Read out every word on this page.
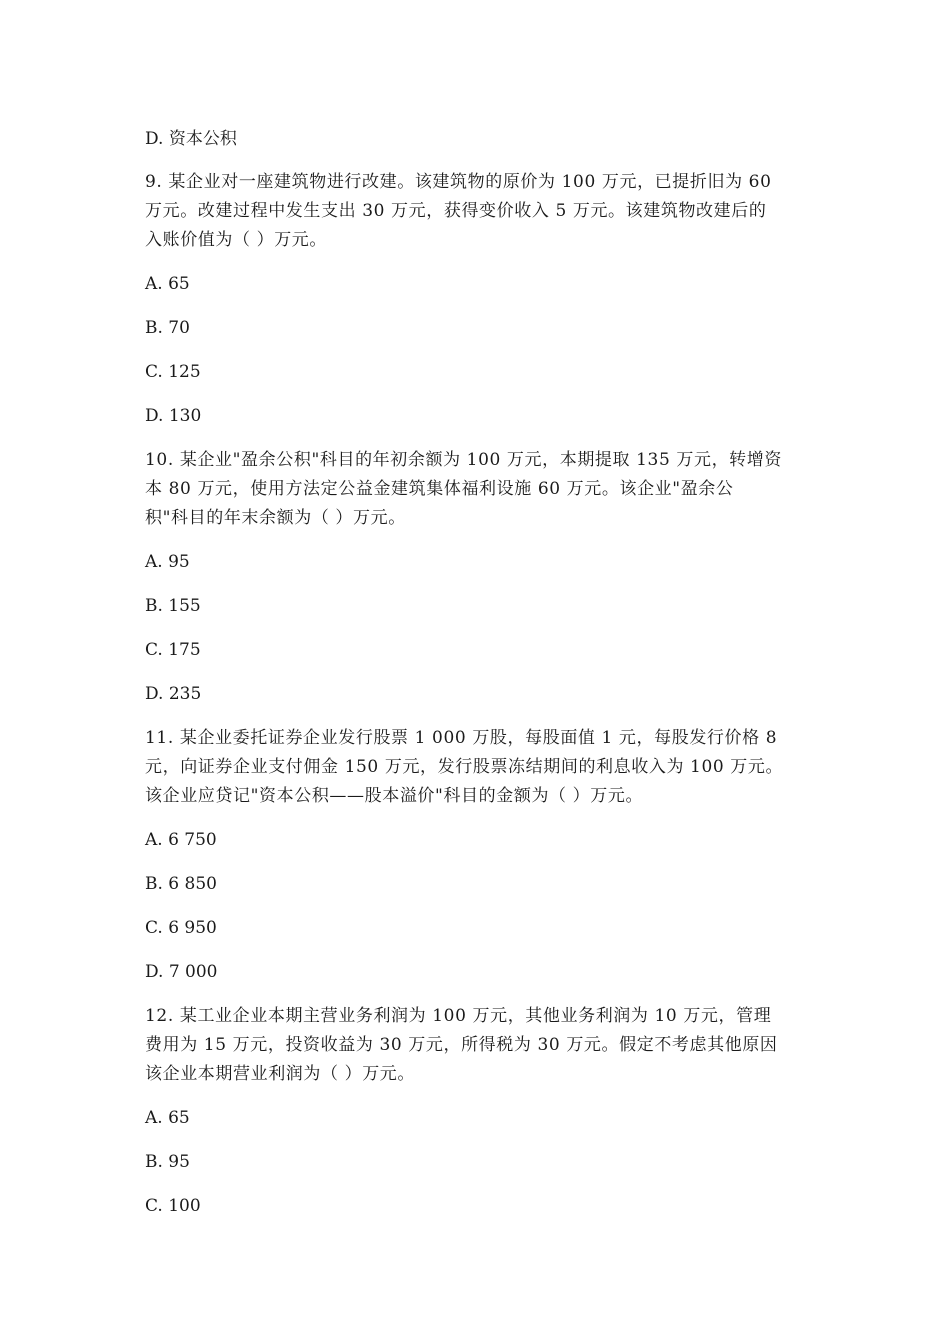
D. 资本公积
9. 某企业对一座建筑物进行改建。该建筑物的原价为 100 万元，已提折旧为 60
万元。改建过程中发生支出 30 万元，获得变价收入 5 万元。该建筑物改建后的
入账价值为（ ）万元。
A. 65
B. 70
C. 125
D. 130
10. 某企业"盈余公积"科目的年初余额为 100 万元，本期提取 135 万元，转增资
本 80 万元，使用方法定公益金建筑集体福利设施 60 万元。该企业"盈余公
积"科目的年末余额为（ ）万元。
A. 95
B. 155
C. 175
D. 235
11. 某企业委托证券企业发行股票 1 000 万股，每股面值 1 元，每股发行价格 8
元，向证券企业支付佣金 150 万元，发行股票冻结期间的利息收入为 100 万元。
该企业应贷记"资本公积——股本溢价"科目的金额为（ ）万元。
A. 6 750
B. 6 850
C. 6 950
D. 7 000
12. 某工业企业本期主营业务利润为 100 万元，其他业务利润为 10 万元，管理
费用为 15 万元，投资收益为 30 万元，所得税为 30 万元。假定不考虑其他原因
该企业本期营业利润为（ ）万元。
A. 65
B. 95
C. 100
